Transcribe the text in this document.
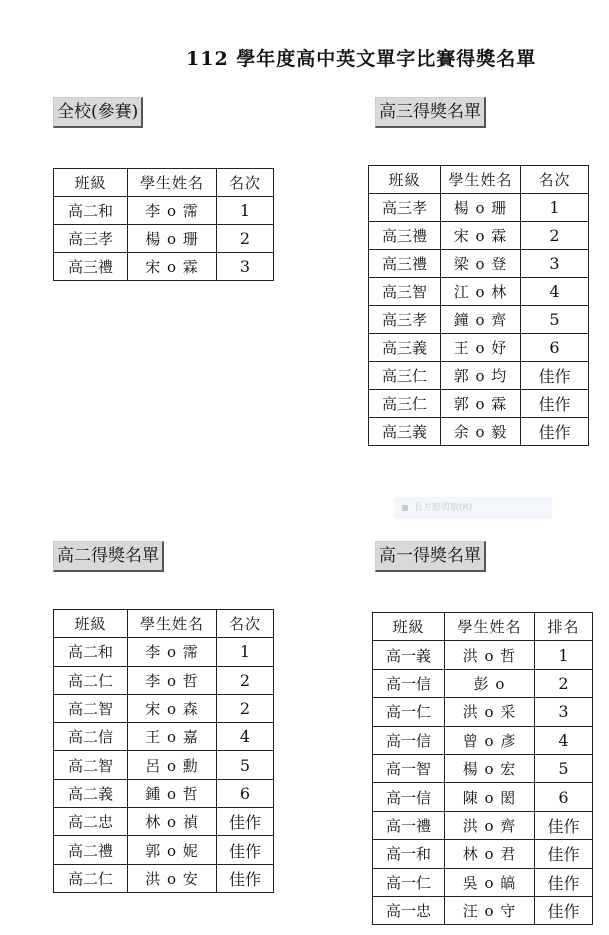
112 學年度高中英文單字比賽得獎名單
全校(參賽)	高三得獎名單
高二得獎名單	高一得獎名單
班級	學生姓名	名次
高二和	李 o 霈	1
高三孝	楊 o 珊	2
高三禮	宋 o 霖	3
班級	學生姓名	名次
高三孝	楊 o 珊	1
高三禮	宋 o 霖	2
高三禮	梁 o 登	3
高三智	江 o 林	4
高三孝	鐘 o 齊	5
高三義	王 o 妤	6
高三仁	郭 o 均	佳作
高三仁	郭 o 霖	佳作
高三義	余 o 毅	佳作
班級	學生姓名	名次
高二和	李 o 霈	1
高二仁	李 o 哲	2
高二智	宋 o 森	2
高二信	王 o 嘉	4
高二智	呂 o 勳	5
高二義	鍾 o 哲	6
高二忠	林 o 禎	佳作
高二禮	郭 o 妮	佳作
高二仁	洪 o 安	佳作
班級	學生姓名	排名
高一義	洪 o 哲	1
高一信	彭 o	2
高一仁	洪 o 采	3
高一信	曾 o 彥	4
高一智	楊 o 宏	5
高一信	陳 o 閎	6
高一禮	洪 o 齊	佳作
高一和	林 o 君	佳作
高一仁	吳 o 皜	佳作
高一忠	汪 o 守	佳作
長方形剪取(R)
